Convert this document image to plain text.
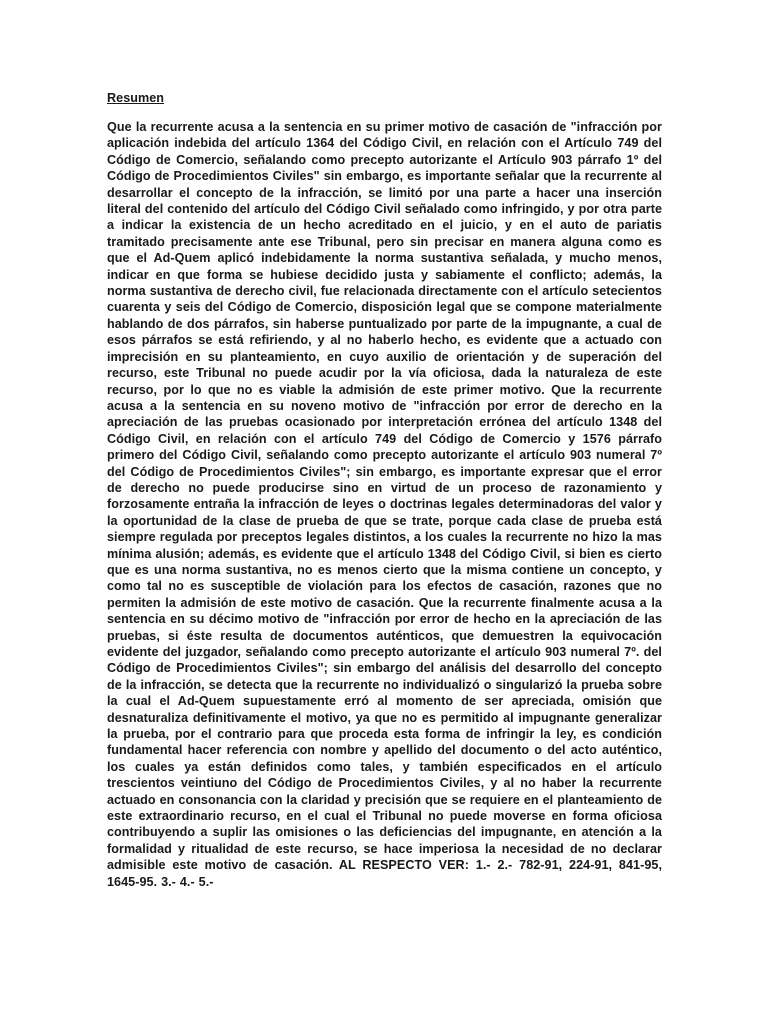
Resumen

Que la recurrente acusa a la sentencia en su primer motivo de casación de "infracción por aplicación indebida del artículo 1364 del Código Civil, en relación con el Artículo 749 del Código de Comercio, señalando como precepto autorizante el Artículo 903 párrafo 1º del Código de Procedimientos Civiles" sin embargo, es importante señalar que la recurrente al desarrollar el concepto de la infracción, se limitó por una parte a hacer una inserción literal del contenido del artículo del Código Civil señalado como infringido, y por otra parte a indicar la existencia de un hecho acreditado en el juicio, y en el auto de pariatis tramitado precisamente ante ese Tribunal, pero sin precisar en manera alguna como es que el Ad-Quem aplicó indebidamente la norma sustantiva señalada, y mucho menos, indicar en que forma se hubiese decidido justa y sabiamente el conflicto; además, la norma sustantiva de derecho civil, fue relacionada directamente con el artículo setecientos cuarenta y seis del Código de Comercio, disposición legal que se compone materialmente hablando de dos párrafos, sin haberse puntualizado por parte de la impugnante, a cual de esos párrafos se está refiriendo, y al no haberlo hecho, es evidente que a actuado con imprecisión en su planteamiento, en cuyo auxilio de orientación y de superación del recurso, este Tribunal no puede acudir por la vía oficiosa, dada la naturaleza de este recurso, por lo que no es viable la admisión de este primer motivo. Que la recurrente acusa a la sentencia en su noveno motivo de "infracción por error de derecho en la apreciación de las pruebas ocasionado por interpretación errónea del artículo 1348 del Código Civil, en relación con el artículo 749 del Código de Comercio y 1576 párrafo primero del Código Civil, señalando como precepto autorizante el artículo 903 numeral 7º del Código de Procedimientos Civiles"; sin embargo, es importante expresar que el error de derecho no puede producirse sino en virtud de un proceso de razonamiento y forzosamente entraña la infracción de leyes o doctrinas legales determinadoras del valor y la oportunidad de la clase de prueba de que se trate, porque cada clase de prueba está siempre regulada por preceptos legales distintos, a los cuales la recurrente no hizo la mas mínima alusión; además, es evidente que el artículo 1348 del Código Civil, si bien es cierto que es una norma sustantiva, no es menos cierto que la misma contiene un concepto, y como tal no es susceptible de violación para los efectos de casación, razones que no permiten la admisión de este motivo de casación. Que la recurrente finalmente acusa a la sentencia en su décimo motivo de "infracción por error de hecho en la apreciación de las pruebas, si éste resulta de documentos auténticos, que demuestren la equivocación evidente del juzgador, señalando como precepto autorizante el artículo 903 numeral 7º. del Código de Procedimientos Civiles"; sin embargo del análisis del desarrollo del concepto de la infracción, se detecta que la recurrente no individualizó o singularizó la prueba sobre la cual el Ad-Quem supuestamente erró al momento de ser apreciada, omisión que desnaturaliza definitivamente el motivo, ya que no es permitido al impugnante generalizar la prueba, por el contrario para que proceda esta forma de infringir la ley, es condición fundamental hacer referencia con nombre y apellido del documento o del acto auténtico, los cuales ya están definidos como tales, y también especificados en el artículo trescientos veintiuno del Código de Procedimientos Civiles, y al no haber la recurrente actuado en consonancia con la claridad y precisión que se requiere en el planteamiento de este extraordinario recurso, en el cual el Tribunal no puede moverse en forma oficiosa contribuyendo a suplir las omisiones o las deficiencias del impugnante, en atención a la formalidad y ritualidad de este recurso, se hace imperiosa la necesidad de no declarar admisible este motivo de casación. AL RESPECTO VER: 1.- 2.- 782-91, 224-91, 841-95, 1645-95. 3.- 4.- 5.-
